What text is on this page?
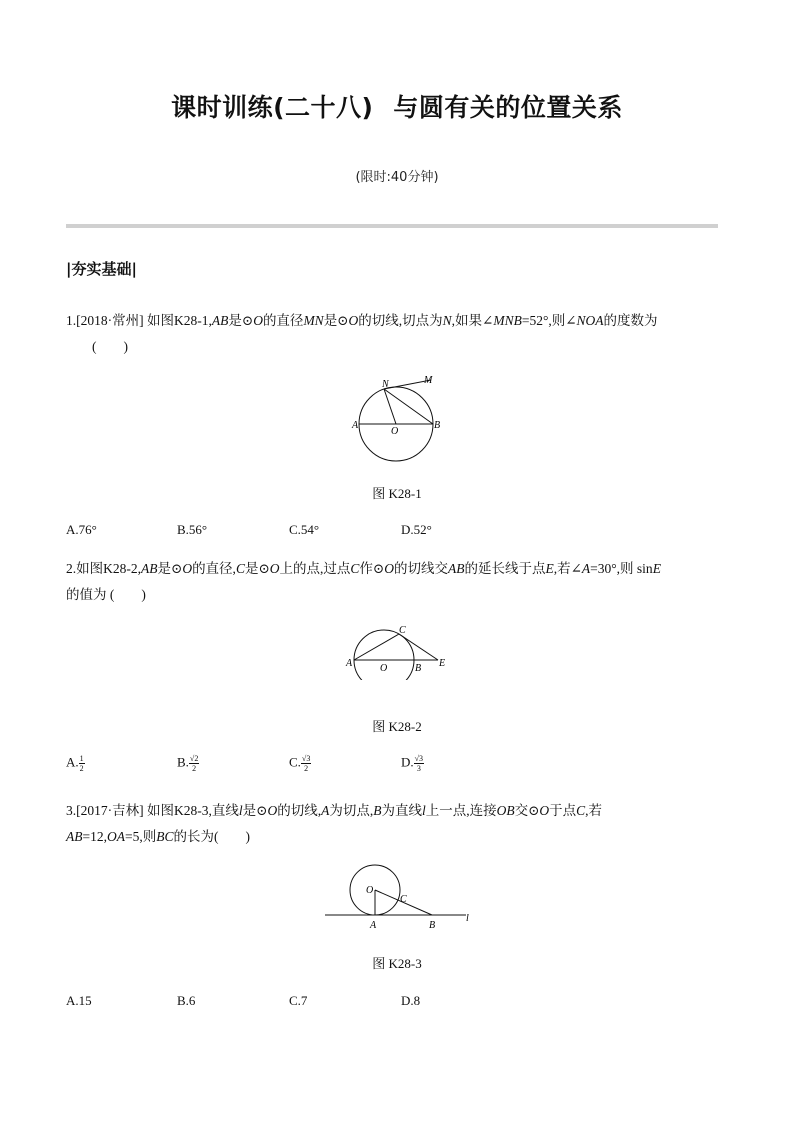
课时训练(二十八) 与圆有关的位置关系
(限时:40分钟)
|夯实基础|
1.[2018·常州] 如图K28-1,AB是⊙O的直径MN是⊙O的切线,切点为N,如果∠MNB=52°,则∠NOA的度数为
(　　)
N	M
A
O
B
图 K28-1
A.76°	B.56°	C.54°	D.52°
2.如图K28-2,AB是⊙O的直径,C是⊙O上的点,过点C作⊙O的切线交AB的延长线于点E,若∠A=30°,则 sinE
的值为 (　　)
C
A	O	B E
图 K28-2
A. $\frac{1}{2}$	B. $\frac{√2}{2}$	C. $\frac{√3}{2}$	D. $\frac{√3}{3}$
3.[2017·吉林] 如图K28-3,直线l是⊙O的切线,A为切点,B为直线l上一点,连接OB交⊙O于点C,若
AB=12,OA=5,则BC的长为(　　)
O
C
A	B
l
图 K28-3
A.15	B.6	C.7	D.8
